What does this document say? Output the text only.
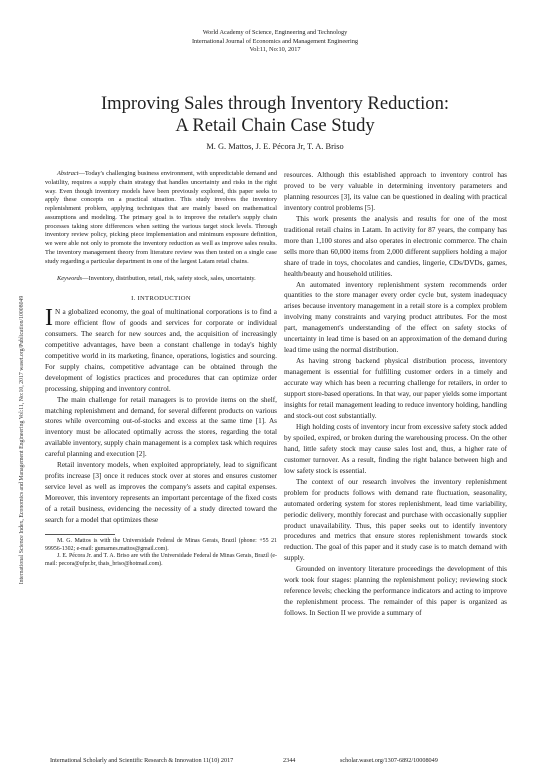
World Academy of Science, Engineering and Technology
International Journal of Economics and Management Engineering
Vol:11, No:10, 2017
Improving Sales through Inventory Reduction:
A Retail Chain Case Study
M. G. Mattos, J. E. Pécora Jr, T. A. Briso
International Science Index, Economics and Management Engineering Vol:11, No:10, 2017 waset.org/Publication/10008049

Abstract—Today's challenging business environment, with unpredictable demand and volatility, requires a supply chain strategy that handles uncertainty and risks in the right way. Even though inventory models have been previously explored, this paper seeks to apply these concepts on a practical situation. This study involves the inventory replenishment problem, applying techniques that are mainly based on mathematical assumptions and modeling. The primary goal is to improve the retailer's supply chain processes taking store differences when setting the various target stock levels. Through inventory review policy, picking piece implementation and minimum exposure definition, we were able not only to promote the inventory reduction as well as improve sales results. The inventory management theory from literature review was then tested on a single case study regarding a particular department in one of the largest Latam retail chains.

Keywords—Inventory, distribution, retail, risk, safety stock, sales, uncertainty.

I. INTRODUCTION

I N a globalized economy, the goal of multinational corporations is to find a more efficient flow of goods and services for corporate or individual consumers. The search for new sources and, the acquisition of increasingly competitive advantages, have been a constant challenge in today's highly competitive world in its marketing, finance, operations, logistics and sourcing. For supply chains, competitive advantage can be obtained through the development of logistics practices and procedures that can optimize order processing, shipping and inventory control.

The main challenge for retail managers is to provide items on the shelf, matching replenishment and demand, for several different products on various stores while overcoming out-of-stocks and excess at the same time [1]. As inventory must be allocated optimally across the stores, regarding the total available inventory, supply chain management is a complex task which requires careful planning and execution [2].

Retail inventory models, when exploited appropriately, lead to significant profits increase [3] once it reduces stock over at stores and ensures customer service level as well as improves the company's assets and capital expenses. Moreover, this inventory represents an important percentage of the fixed costs of a retail business, evidencing the necessity of a study directed toward the search for a model that optimizes these

M. G. Mattos is with the Universidade Federal de Minas Gerais, Brazil (phone: +55 21 99956-1302; e-mail: gumarnes.mattos@gmail.com).

J. E. Pécora Jr. and T. A. Briso are with the Universidade Federal de Minas Gerais, Brazil (e-mail: pecora@ufpr.br, thais_briso@hotmail.com).

resources. Although this established approach to inventory control has proved to be very valuable in determining inventory parameters and planning resources [3], its value can be questioned in dealing with practical inventory control problems [5].

This work presents the analysis and results for one of the most traditional retail chains in Latam. In activity for 87 years, the company has more than 1,100 stores and also operates in electronic commerce. The chain sells more than 60,000 items from 2,000 different suppliers holding a major share of trade in toys, chocolates and candies, lingerie, CDs/DVDs, games, health/beauty and household utilities.

An automated inventory replenishment system recommends order quantities to the store manager every order cycle but, system inadequacy arises because inventory management in a retail store is a complex problem involving many constraints and varying product attributes. For the most part, management's understanding of the effect on safety stocks of uncertainty in lead time is based on an approximation of the demand during lead time using the normal distribution.

As having strong backend physical distribution process, inventory management is essential for fulfilling customer orders in a timely and accurate way which has been a recurring challenge for retailers, in order to support store-based operations. In that way, our paper yields some important insights for retail management leading to reduce inventory holding, handling and stock-out cost substantially.

High holding costs of inventory incur from excessive safety stock added by spoiled, expired, or broken during the warehousing process. On the other hand, little safety stock may cause sales lost and, thus, a higher rate of customer turnover. As a result, finding the right balance between high and low safety stock is essential.

The context of our research involves the inventory replenishment problem for products follows with demand rate fluctuation, seasonality, automated ordering system for stores replenishment, lead time variability, periodic delivery, monthly forecast and purchase with occasionally supplier product unavailability. Thus, this paper seeks out to identify inventory procedures and metrics that ensure stores replenishment towards stock reduction. The goal of this paper and it study case is to match demand with supply.

Grounded on inventory literature proceedings the development of this work took four stages: planning the replenishment policy; reviewing stock reference levels; checking the performance indicators and acting to improve the replenishment process. The remainder of this paper is organized as follows. In Section II we provide a summary of

International Scholarly and Scientific Research & Innovation 11(10) 2017	2344	scholar.waset.org/1307-6892/10008049
